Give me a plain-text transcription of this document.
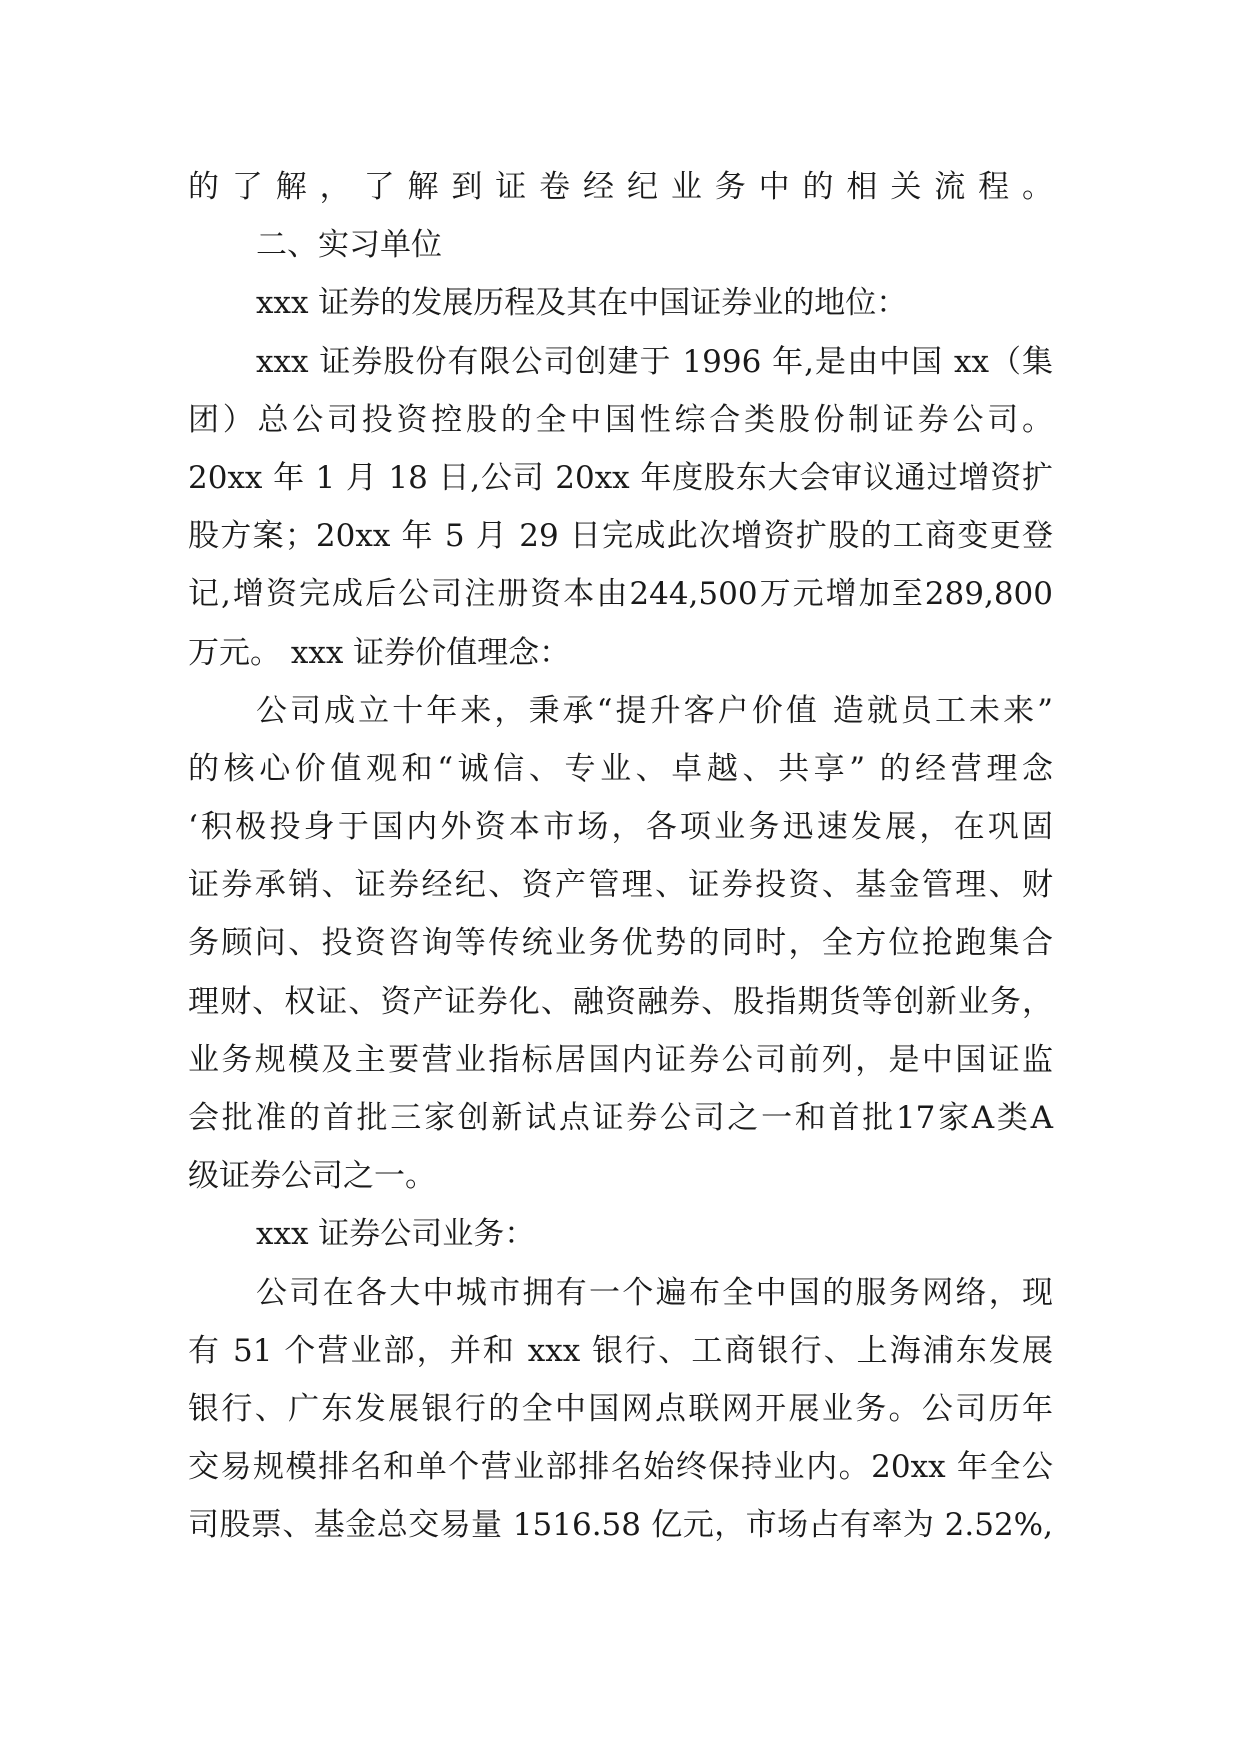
的了解，了解到证卷经纪业务中的相关流程。
二、实习单位
xxx 证券的发展历程及其在中国证券业的地位：
xxx 证券股份有限公司创建于 1996 年,是由中国 xx（集
团）总公司投资控股的全中国性综合类股份制证券公司。
20xx 年 1 月 18 日,公司 20xx 年度股东大会审议通过增资扩
股方案；20xx 年 5 月 29 日完成此次增资扩股的工商变更登
记,增资完成后公司注册资本由244,500万元增加至289,800
万元。 xxx 证券价值理念：
公司成立十年来，秉承“提升客户价值 造就员工未来”
的核心价值观和“诚信、专业、卓越、共享” 的经营理念
‘积极投身于国内外资本市场，各项业务迅速发展，在巩固
证券承销、证券经纪、资产管理、证券投资、基金管理、财
务顾问、投资咨询等传统业务优势的同时，全方位抢跑集合
理财、权证、资产证券化、融资融券、股指期货等创新业务，
业务规模及主要营业指标居国内证券公司前列，是中国证监
会批准的首批三家创新试点证券公司之一和首批17家A类A
级证券公司之一。
xxx 证券公司业务：
公司在各大中城市拥有一个遍布全中国的服务网络，现
有 51 个营业部，并和 xxx 银行、工商银行、上海浦东发展
银行、广东发展银行的全中国网点联网开展业务。公司历年
交易规模排名和单个营业部排名始终保持业内。20xx 年全公
司股票、基金总交易量 1516.58 亿元，市场占有率为 2.52%,
